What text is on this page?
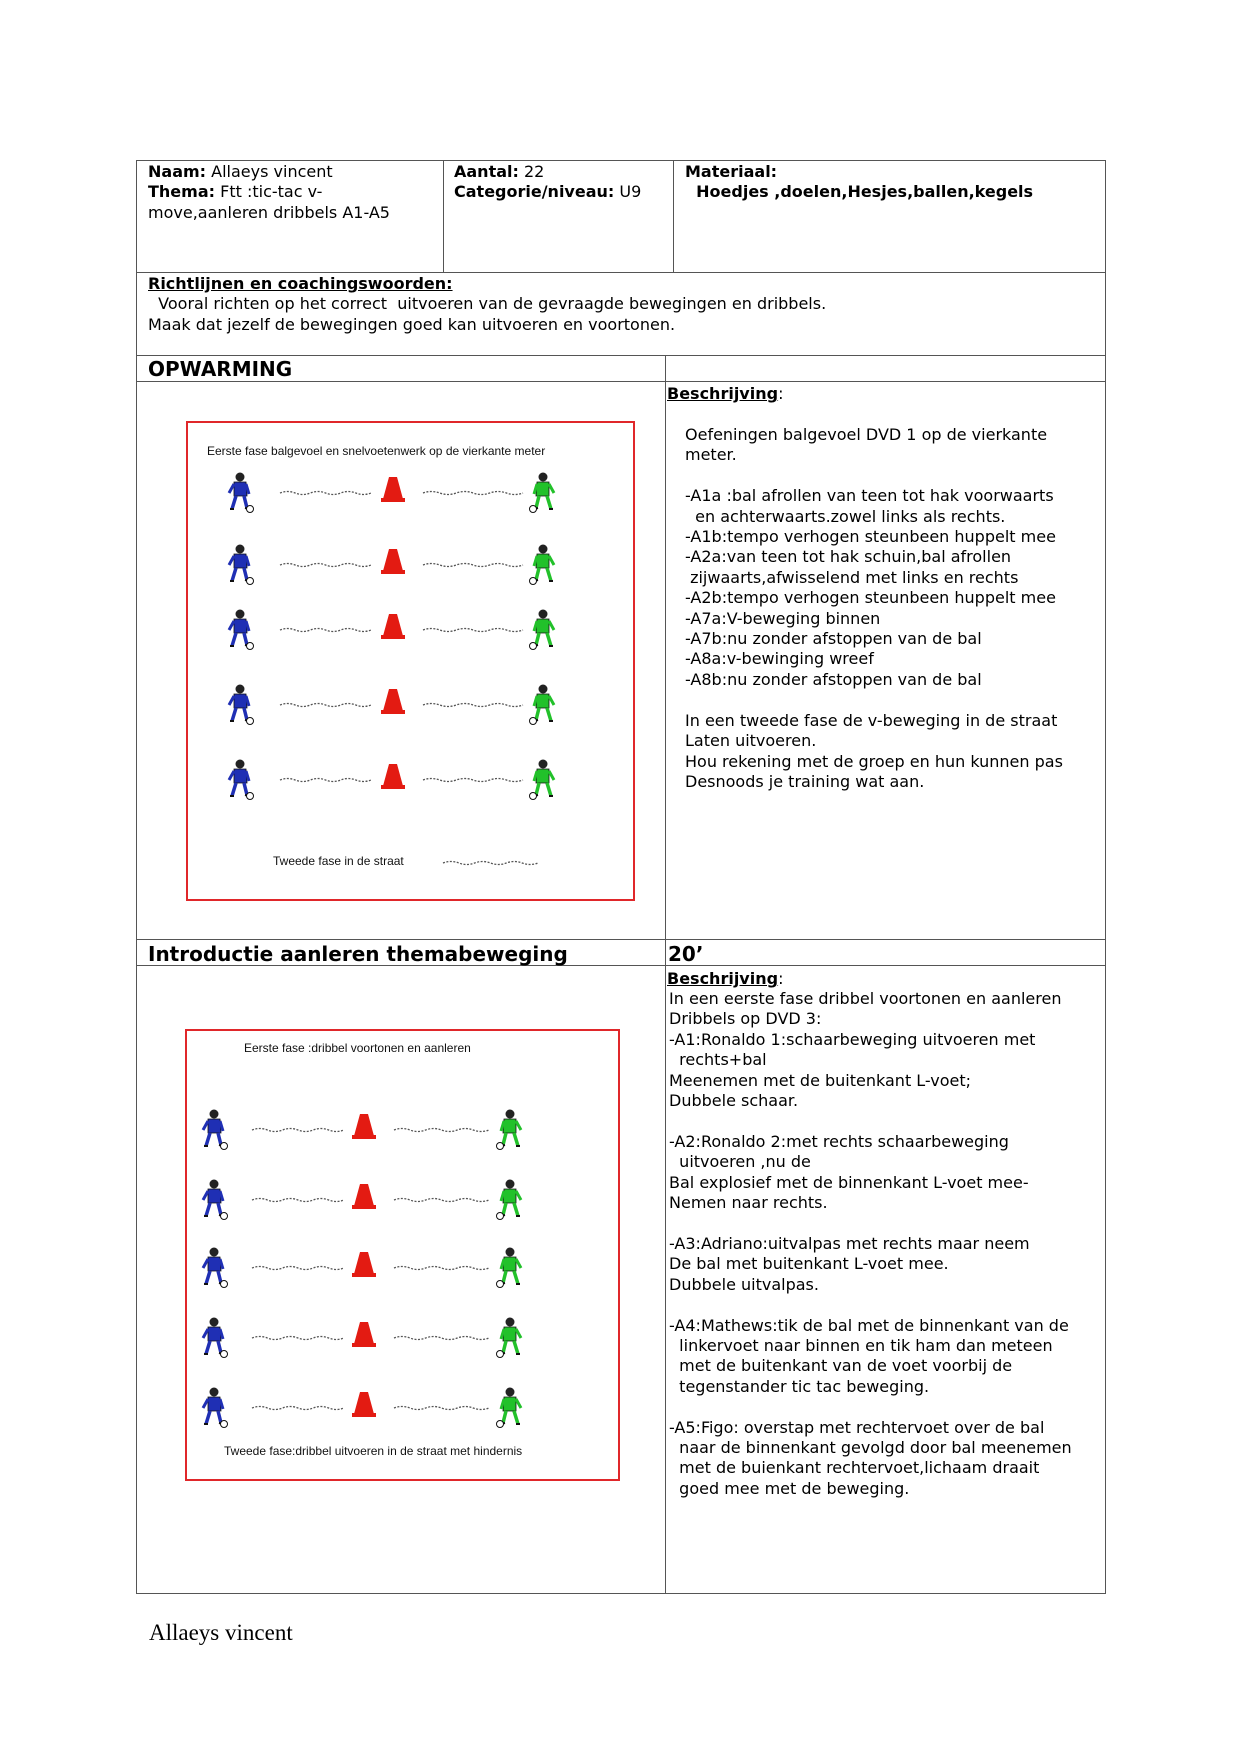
Naam: Allaeys vincent
Thema: Ftt :tic-tac v-
move,aanleren dribbels A1-A5
Aantal: 22
Categorie/niveau: U9
Materiaal:
Hoedjes ,doelen,Hesjes,ballen,kegels
Richtlijnen en coachingswoorden:
Vooral richten op het correct  uitvoeren van de gevraagde bewegingen en dribbels.
Maak dat jezelf de bewegingen goed kan uitvoeren en voortonen.
OPWARMING
Beschrijving:
Oefeningen balgevoel DVD 1 op de vierkante
meter.

-A1a :bal afrollen van teen tot hak voorwaarts
en achterwaarts.zowel links als rechts.
-A1b:tempo verhogen steunbeen huppelt mee
-A2a:van teen tot hak schuin,bal afrollen
zijwaarts,afwisselend met links en rechts
-A2b:tempo verhogen steunbeen huppelt mee
-A7a:V-beweging binnen
-A7b:nu zonder afstoppen van de bal
-A8a:v-bewinging wreef
-A8b:nu zonder afstoppen van de bal

In een tweede fase de v-beweging in de straat
Laten uitvoeren.
Hou rekening met de groep en hun kunnen pas
Desnoods je training wat aan.
Eerste fase balgevoel en snelvoetenwerk op de vierkante meter
Tweede fase in de straat
Introductie aanleren themabeweging	20’
Beschrijving:
In een eerste fase dribbel voortonen en aanleren
Dribbels op DVD 3:
-A1:Ronaldo 1:schaarbeweging uitvoeren met
rechts+bal
Meenemen met de buitenkant L-voet;
Dubbele schaar.

-A2:Ronaldo 2:met rechts schaarbeweging
uitvoeren ,nu de
Bal explosief met de binnenkant L-voet mee-
Nemen naar rechts.

-A3:Adriano:uitvalpas met rechts maar neem
De bal met buitenkant L-voet mee.
Dubbele uitvalpas.

-A4:Mathews:tik de bal met de binnenkant van de
linkervoet naar binnen en tik ham dan meteen
met de buitenkant van de voet voorbij de
tegenstander tic tac beweging.

-A5:Figo: overstap met rechtervoet over de bal
naar de binnenkant gevolgd door bal meenemen
met de buienkant rechtervoet,lichaam draait
goed mee met de beweging.
Eerste fase :dribbel voortonen en aanleren
Tweede fase:dribbel uitvoeren in de straat met hindernis
Allaeys vincent
